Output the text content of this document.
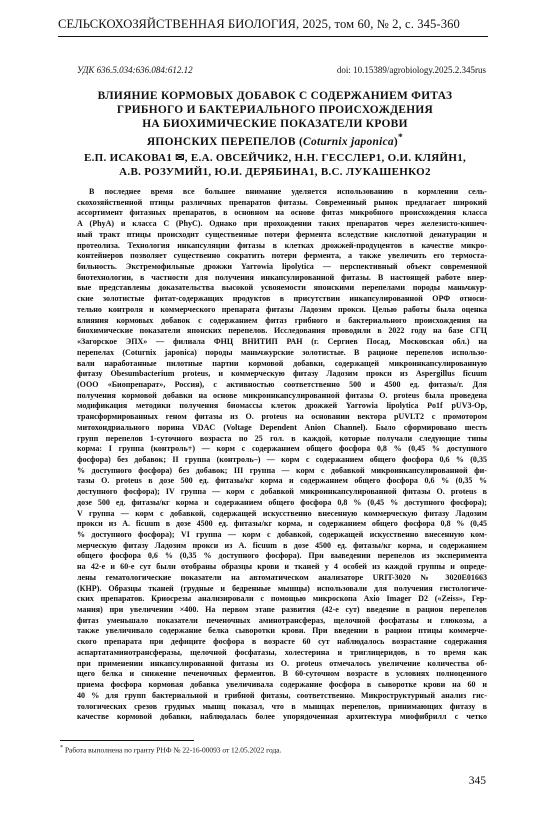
СЕЛЬСКОХОЗЯЙСТВЕННАЯ БИОЛОГИЯ, 2025, том 60, № 2, с. 345-360
УДК 636.5.034:636.084:612.12	doi: 10.15389/agrobiology.2025.2.345rus
ВЛИЯНИЕ КОРМОВЫХ ДОБАВОК С СОДЕРЖАНИЕМ ФИТАЗ
ГРИБНОГО И БАКТЕРИАЛЬНОГО ПРОИСХОЖДЕНИЯ
НА БИОХИМИЧЕСКИЕ ПОКАЗАТЕЛИ КРОВИ
ЯПОНСКИХ ПЕРЕПЕЛОВ (Coturnix japonica)*
Е.П. ИСАКОВА1 ✉, Е.А. ОВСЕЙЧИК2, Н.Н. ГЕССЛЕР1, О.И. КЛЯЙН1,
А.В. РОЗУМИЙ1, Ю.И. ДЕРЯБИНА1, В.С. ЛУКАШЕНКО2
В последнее время все большее внимание уделяется использованию в кормлении сель-
скохозяйственной птицы различных препаратов фитазы. Современный рынок предлагает широкий
ассортимент фитазных препаратов, в основном на основе фитаз микробного происхождения класса
А (PhyA) и класса С (PhyC). Однако при прохождении таких препаратов через железисто-кишеч-
ный тракт птицы происходит существенные потери фермента вследствие кислотной денатурации и
протеолиза. Технология инкапсуляции фитазы в клетках дрожжей-продуцентов в качестве микро-
контейнеров позволяет существенно сократить потери фермента, а также увеличить его термоста-
бильность. Экстремофильные дрожжи Yarrowia lipolytica — перспективный объект современной
биотехнологии, в частности для получения инкапсулированной фитазы. В настоящей работе впер-
вые представлены доказательства высокой усвояемости японскими перепелами породы маньчжур-
ские золотистые фитат-содержащих продуктов в присутствии инкапсулированной ОРФ относи-
тельно контроля и коммерческого препарата фитазы Ладозим прокси. Целью работы была оценка
влияния кормовых добавок с содержанием фитаз грибного и бактериального происхождения на
биохимические показатели японских перепелов. Исследования проводили в 2022 году на базе СГЦ
«Загорское ЭПХ» — филиала ФНЦ ВНИТИП РАН (г. Сергиев Посад, Московская обл.) на
перепелах (Coturnix japonica) породы маньчжурские золотистые. В рационе перепелов использо-
вали наработанные пилотные партии кормовой добавки, содержащей микроинкапсулированную
фитазу Obesumbacterium proteus, и коммерческую фитазу Ладозим прокси из Aspergillus ficuum
(ООО «Биопрепарат», Россия), с активностью соответственно 500 и 4500 ед. фитазы/г. Для
получения кормовой добавки на основе микроинкапсулированной фитазы O. proteus была проведена
модификация методики получения биомассы клеток дрожжей Yarrowia lipolytica Po1f pUV3-Op,
трансформированных геном фитазы из O. proteus на основании вектора pUVLT2 с промотором
митохондриального порина VDAC (Voltage Dependent Anion Channel). Было сформировано шесть
групп перепелов 1-суточного возраста по 25 гол. в каждой, которые получали следующие типы
корма: I группа (контроль+) — корм с содержанием общего фосфора 0,8 % (0,45 % доступного
фосфора) без добавок; II группа (контроль–) — корм с содержанием общего фосфора 0,6 % (0,35
% доступного фосфора) без добавок; III группа — корм с добавкой микроинкапсулированной фи-
тазы O. proteus в дозе 500 ед. фитазы/кг корма и содержанием общего фосфора 0,6 % (0,35 %
доступного фосфора); IV группа — корм с добавкой микроинкапсулированной фитазы O. proteus в
дозе 500 ед. фитазы/кг корма и содержанием общего фосфора 0,8 % (0,45 % доступного фосфора);
V группа — корм с добавкой, содержащей искусственно внесенную коммерческую фитазу Ладозим
прокси из A. ficuum в дозе 4500 ед. фитазы/кг корма, и содержанием общего фосфора 0,8 % (0,45
% доступного фосфора); VI группа — корм с добавкой, содержащей искусственно внесенную ком-
мерческую фитазу Ладозим прокси из A. ficuum в дозе 4500 ед. фитазы/кг корма, и содержанием
общего фосфора 0,6 % (0,35 % доступного фосфора). При выведении перепелов из эксперимента
на 42-е и 60-е сут были отобраны образцы крови и тканей у 4 особей из каждой группы и опреде-
лены гематологические показатели на автоматическом анализаторе URIT-3020 № 3020Е01663
(КНР). Образцы тканей (грудные и бедренные мышцы) использовали для получения гистологиче-
ских препаратов. Криосрезы анализировали с помощью микроскопа Axio Imager D2 («Zeiss», Гер-
мания) при увеличении ×400. На первом этапе развития (42-е сут) введение в рацион перепелов
фитаз уменьшало показатели печеночных аминотрансфераз, щелочной фосфатазы и глюкозы, а
также увеличивало содержание белка сыворотки крови. При введении в рацион птицы коммерче-
ского препарата при дефиците фосфора в возрасте 60 сут наблюдалось возрастание содержания
аспартатаминотрансферазы, щелочной фосфатазы, холестерина и триглицеридов, в то время как
при применении инкапсулированной фитазы из O. proteus отмечалось увеличение количества об-
щего белка и снижение печеночных ферментов. В 60-суточном возрасте в условиях полноценного
приема фосфора кормовая добавка увеличивала содержание фосфора в сыворотке крови на 60 и
40 % для групп бактериальной и грибной фитазы, соответственно. Микроструктурный анализ гис-
тологических срезов грудных мышц показал, что в мышцах перепелов, принимающих фитазу в
качестве кормовой добавки, наблюдалась более упорядоченная архитектура миофибрилл с четко
* Работа выполнена по гранту РНФ № 22-16-00093 от 12.05.2022 года.
345
